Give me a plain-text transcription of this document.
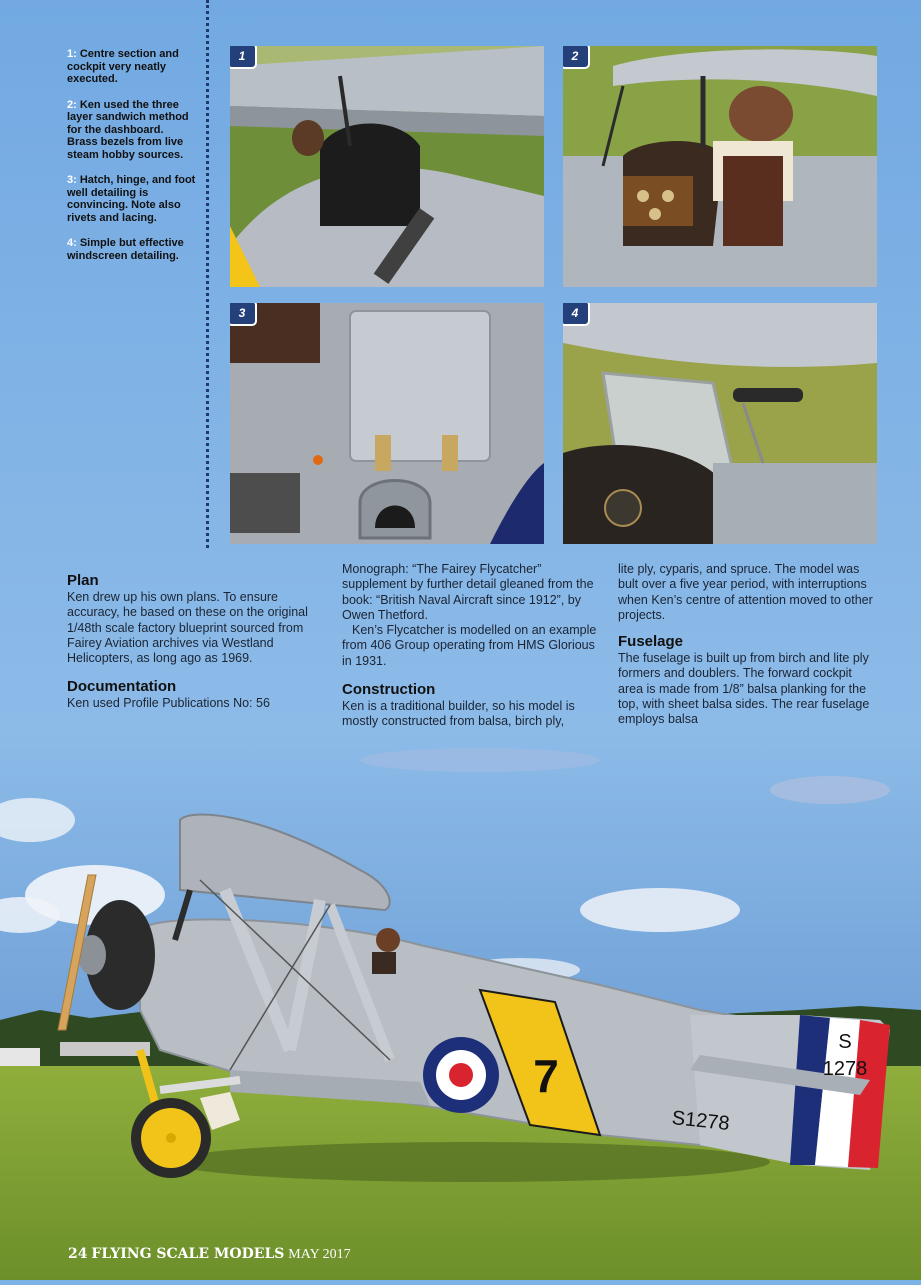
1: Centre section and cockpit very neatly executed.

2: Ken used the three layer sandwich method for the dashboard. Brass bezels from live steam hobby sources.

3: Hatch, hinge, and foot well detailing is convincing. Note also rivets and lacing.

4: Simple but effective windscreen detailing.

1	2
3	4
Plan

Ken drew up his own plans. To ensure accuracy, he based on these on the original 1/48th scale factory blueprint sourced from Fairey Aviation archives via Westland Helicopters, as long ago as 1969.

Documentation

Ken used Profile Publications No: 56

Monograph: “The Fairey Flycatcher” supplement by further detail gleaned from the book: “British Naval Aircraft since 1912”, by Owen Thetford.

Ken’s Flycatcher is modelled on an example from 406 Group operating from HMS Glorious in 1931.

Construction

Ken is a traditional builder, so his model is mostly constructed from balsa, birch ply,

lite ply, cyparis, and spruce. The model was bult over a five year period, with interruptions when Ken’s centre of attention moved to other projects.

Fuselage

The fuselage is built up from birch and lite ply formers and doublers. The forward cockpit area is made from 1/8” balsa planking for the top, with sheet balsa sides. The rear fuselage employs balsa

7
S1278
S
1278
24 FLYING SCALE MODELS MAY 2017
